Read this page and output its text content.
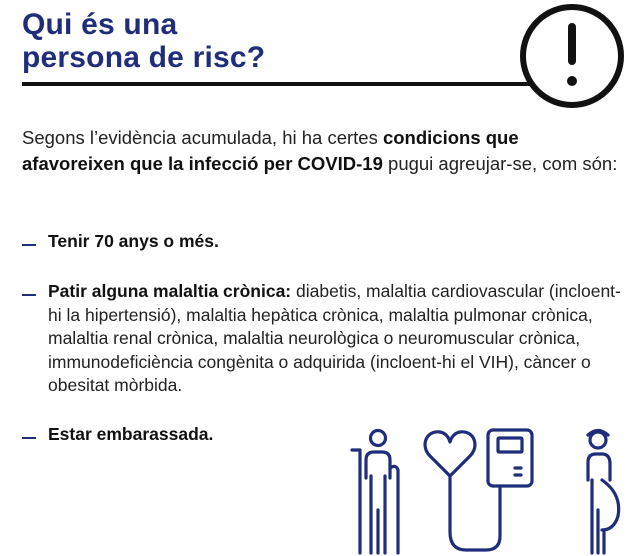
Qui és una
persona de risc?

Segons l’evidència acumulada, hi ha certes condicions que afavoreixen que la infecció per COVID-19 pugui agreujar-se, com són:

Tenir 70 anys o més.
Patir alguna malaltia crònica: diabetis, malaltia cardiovascular (incloent-hi la hipertensió), malaltia hepàtica crònica, malaltia pulmonar crònica, malaltia renal crònica, malaltia neurològica o neuromuscular crònica, immunodeficiència congènita o adquirida (incloent-hi el VIH), càncer o obesitat mòrbida.
Estar embarassada.
